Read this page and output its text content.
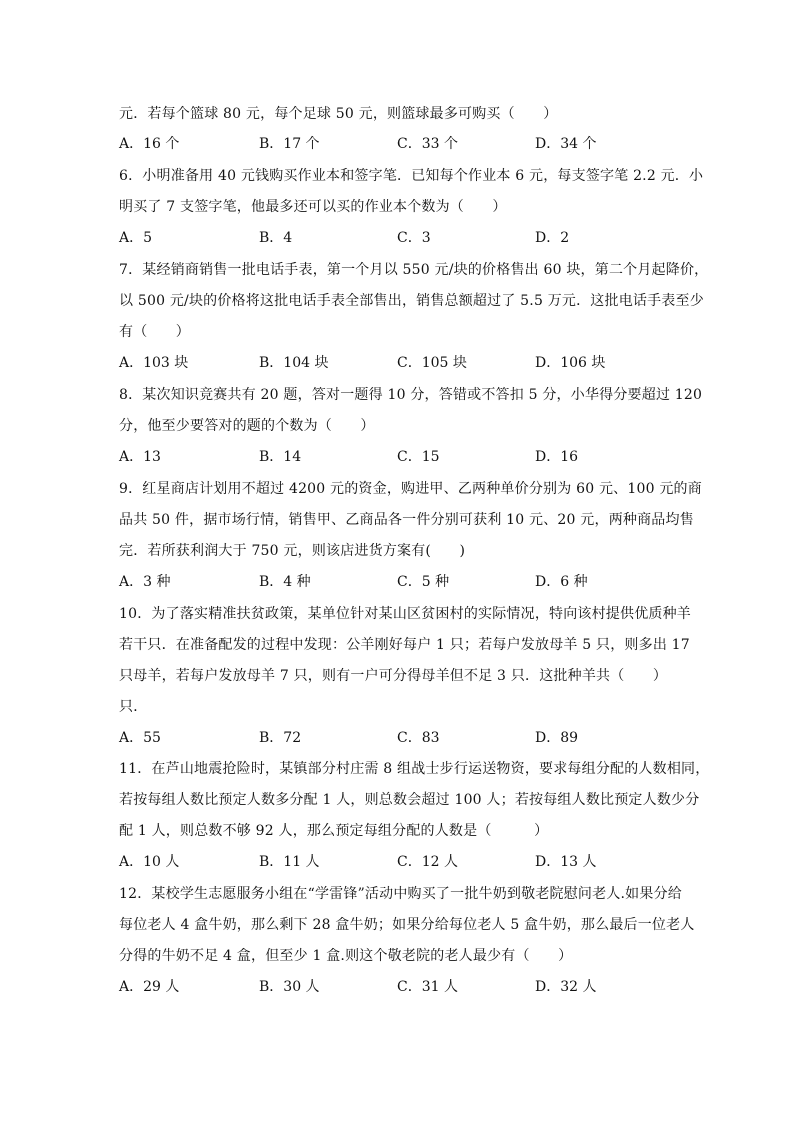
元．若每个篮球 80 元，每个足球 50 元，则篮球最多可购买（　　）
A．16 个	B．17 个	C．33 个	D．34 个
6．小明准备用 40 元钱购买作业本和签字笔．已知每个作业本 6 元，每支签字笔 2.2 元．小
明买了 7 支签字笔，他最多还可以买的作业本个数为（　　）
A．5	B．4	C．3	D．2
7．某经销商销售一批电话手表，第一个月以 550 元/块的价格售出 60 块，第二个月起降价，
以 500 元/块的价格将这批电话手表全部售出，销售总额超过了 5.5 万元．这批电话手表至少
有（　　）
A．103 块	B．104 块	C．105 块	D．106 块
8．某次知识竞赛共有 20 题，答对一题得 10 分，答错或不答扣 5 分，小华得分要超过 120
分，他至少要答对的题的个数为（　　）
A．13	B．14	C．15	D．16
9．红星商店计划用不超过 4200 元的资金，购进甲、乙两种单价分别为 60 元、100 元的商
品共 50 件，据市场行情，销售甲、乙商品各一件分别可获利 10 元、20 元，两种商品均售
完．若所获利润大于 750 元，则该店进货方案有(　　)
A．3 种	B．4 种	C．5 种	D．6 种
10．为了落实精准扶贫政策，某单位针对某山区贫困村的实际情况，特向该村提供优质种羊
若干只．在准备配发的过程中发现：公羊刚好每户 1 只；若每户发放母羊 5 只，则多出 17
只母羊，若每户发放母羊 7 只，则有一户可分得母羊但不足 3 只．这批种羊共（　　）
只．
A．55	B．72	C．83	D．89
11．在芦山地震抢险时，某镇部分村庄需 8 组战士步行运送物资，要求每组分配的人数相同，
若按每组人数比预定人数多分配 1 人，则总数会超过 100 人；若按每组人数比预定人数少分
配 1 人，则总数不够 92 人，那么预定每组分配的人数是（　　　）
A．10 人	B．11 人	C．12 人	D．13 人
12．某校学生志愿服务小组在“学雷锋”活动中购买了一批牛奶到敬老院慰问老人.如果分给
每位老人 4 盒牛奶，那么剩下 28 盒牛奶；如果分给每位老人 5 盒牛奶，那么最后一位老人
分得的牛奶不足 4 盒，但至少 1 盒.则这个敬老院的老人最少有（　　）
A．29 人	B．30 人	C．31 人	D．32 人
